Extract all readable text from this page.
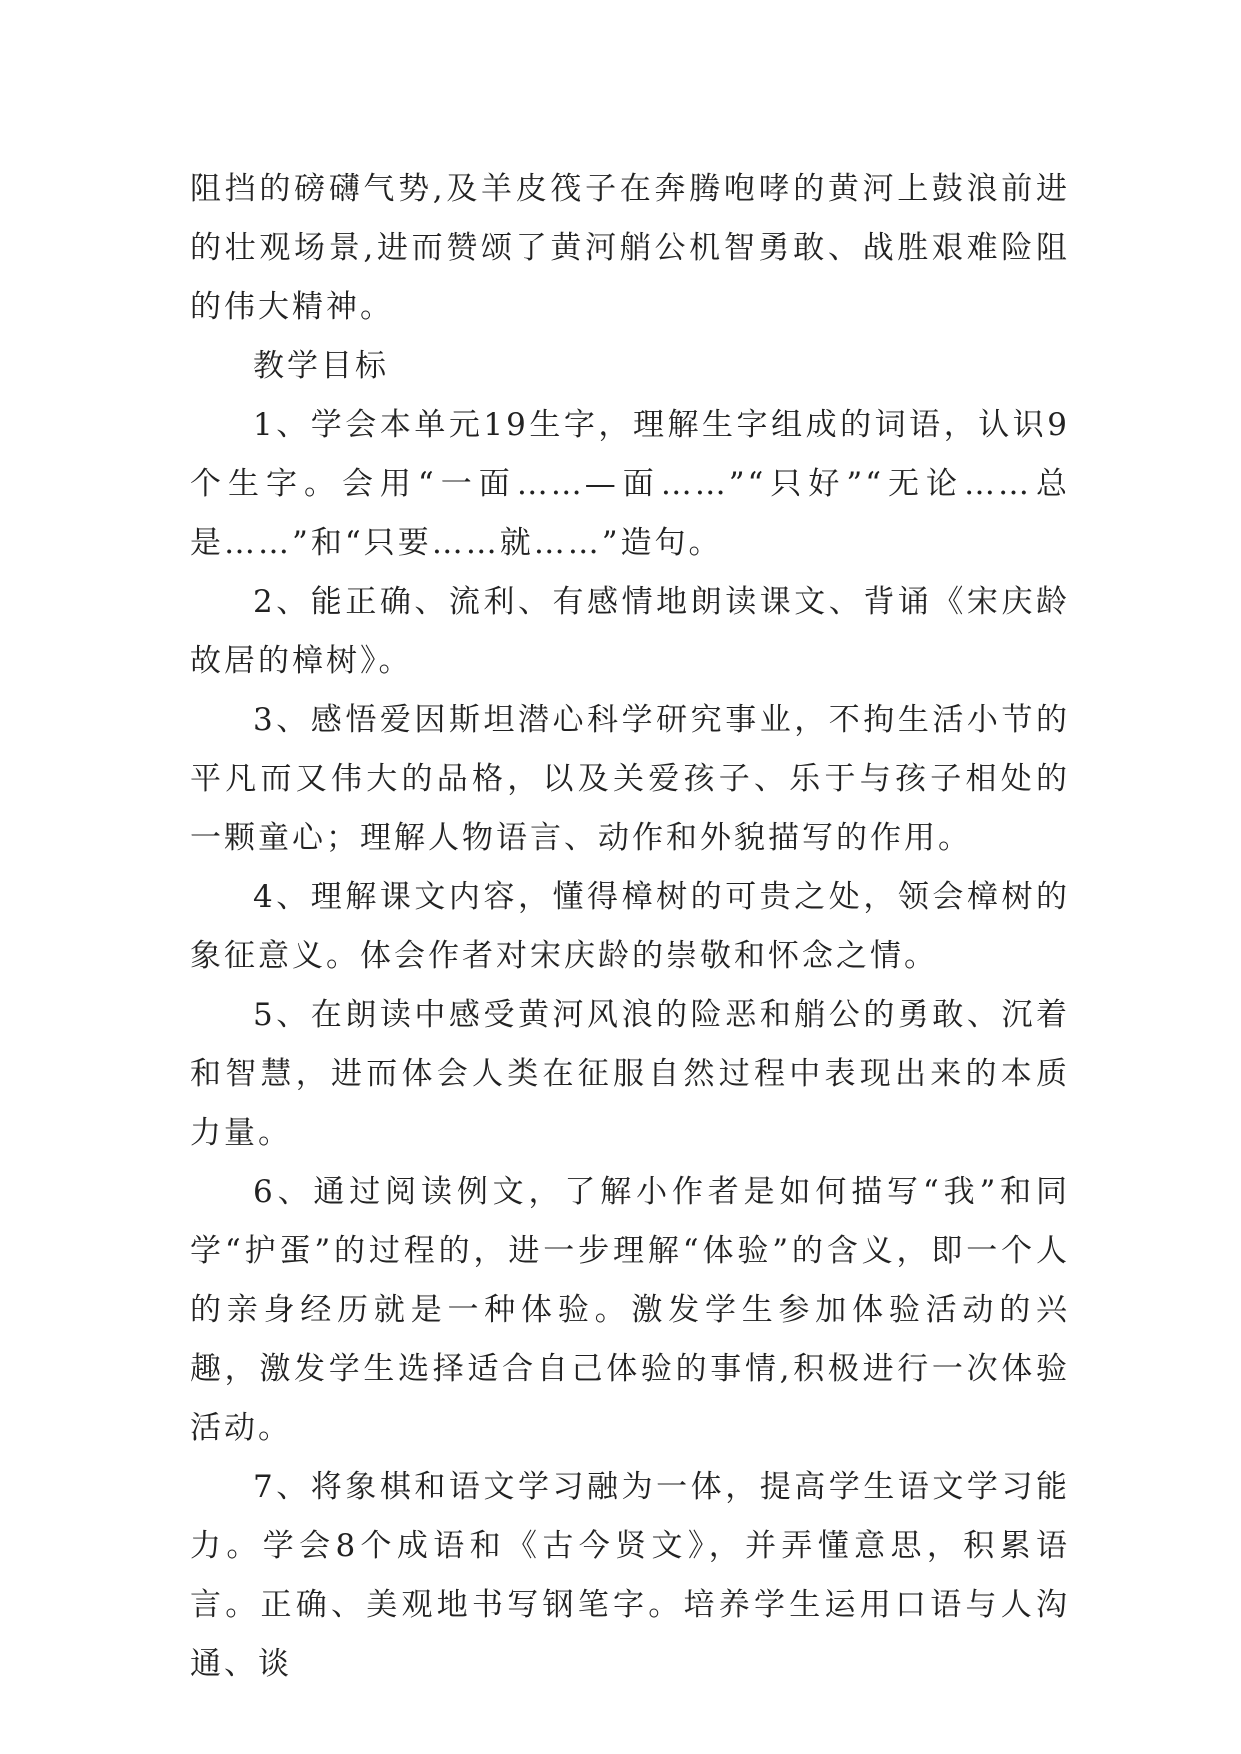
阻挡的磅礴气势,及羊皮筏子在奔腾咆哮的黄河上鼓浪前进的壮观场景,进而赞颂了黄河艄公机智勇敢、战胜艰难险阻的伟大精神。

教学目标

1、学会本单元19生字，理解生字组成的词语，认识9个生字。会用“一面……—面……”“只好”“无论……总是……”和“只要……就……”造句。

2、能正确、流利、有感情地朗读课文、背诵《宋庆龄故居的樟树》。

3、感悟爱因斯坦潜心科学研究事业，不拘生活小节的平凡而又伟大的品格，以及关爱孩子、乐于与孩子相处的一颗童心；理解人物语言、动作和外貌描写的作用。

4、理解课文内容，懂得樟树的可贵之处，领会樟树的象征意义。体会作者对宋庆龄的崇敬和怀念之情。

5、在朗读中感受黄河风浪的险恶和艄公的勇敢、沉着和智慧，进而体会人类在征服自然过程中表现出来的本质力量。

6、通过阅读例文，了解小作者是如何描写“我”和同学“护蛋”的过程的，进一步理解“体验”的含义，即一个人的亲身经历就是一种体验。激发学生参加体验活动的兴趣，激发学生选择适合自己体验的事情,积极进行一次体验活动。

7、将象棋和语文学习融为一体，提高学生语文学习能力。学会8个成语和《古今贤文》，并弄懂意思，积累语言。正确、美观地书写钢笔字。培养学生运用口语与人沟通、谈
